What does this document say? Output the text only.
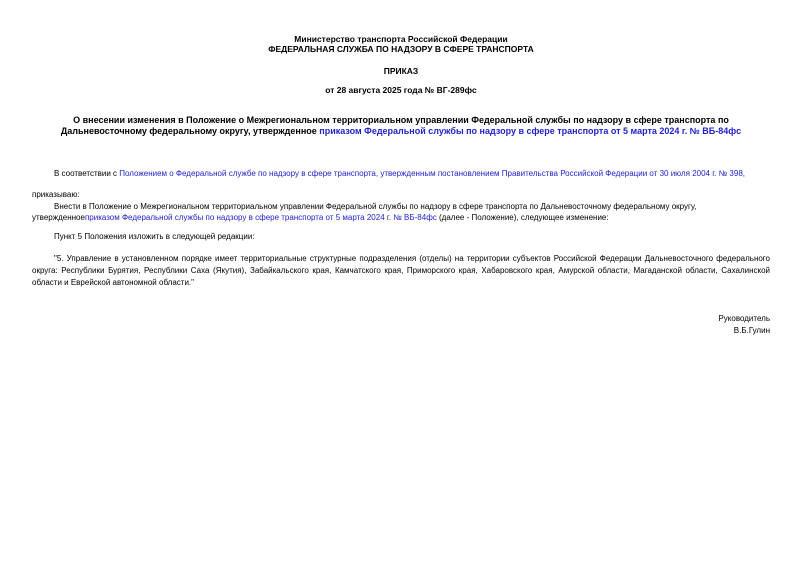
Министерство транспорта Российской Федерации
ФЕДЕРАЛЬНАЯ СЛУЖБА ПО НАДЗОРУ В СФЕРЕ ТРАНСПОРТА
ПРИКАЗ
от 28 августа 2025 года № ВГ-289фс
О внесении изменения в Положение о Межрегиональном территориальном управлении Федеральной службы по надзору в сфере транспорта по Дальневосточному федеральному округу, утвержденное приказом Федеральной службы по надзору в сфере транспорта от 5 марта 2024 г. № ВБ-84фс

В соответствии с Положением о Федеральной службе по надзору в сфере транспорта, утвержденным постановлением Правительства Российской Федерации от 30 июля 2004 г. № 398,

приказываю:

Внести в Положение о Межрегиональном территориальном управлении Федеральной службы по надзору в сфере транспорта по Дальневосточному федеральному округу, утвержденноеприказом Федеральной службы по надзору в сфере транспорта от 5 марта 2024 г. № ВБ-84фс (далее - Положение), следующее изменение:

Пункт 5 Положения изложить в следующей редакции:

"5. Управление в установленном порядке имеет территориальные структурные подразделения (отделы) на территории субъектов Российской Федерации Дальневосточного федерального округа: Республики Бурятия, Республики Саха (Якутия), Забайкальского края, Камчатского края, Приморского края, Хабаровского края, Амурской области, Магаданской области, Сахалинской области и Еврейской автономной области."

Руководитель
В.Б.Гулин
